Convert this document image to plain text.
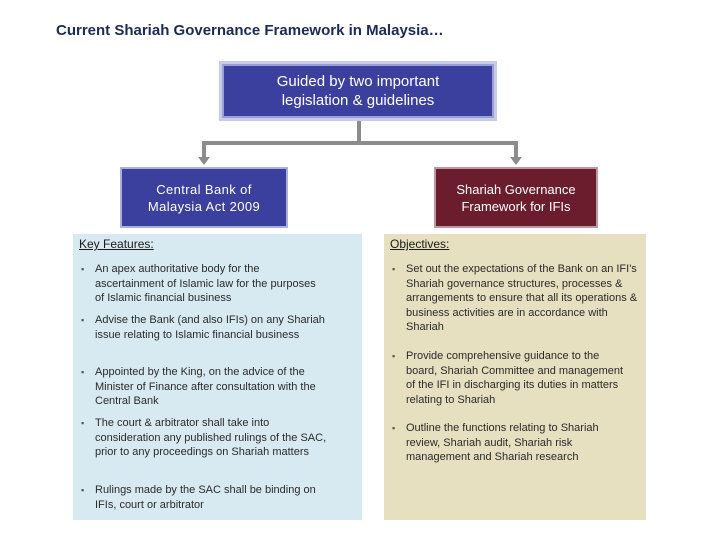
Current Shariah Governance Framework in Malaysia…
Guided by two important
legislation & guidelines
Central Bank of
Malaysia Act 2009
Shariah Governance
Framework for IFIs
Key Features:
▪ An apex authoritative body for the ascertainment of Islamic law for the purposes of Islamic financial business
▪ Advise the Bank (and also IFIs) on any Shariah issue relating to Islamic financial business
▪ Appointed by the King, on the advice of the Minister of Finance after consultation with the Central Bank
▪ The court & arbitrator shall take into consideration any published rulings of the SAC, prior to any proceedings on Shariah matters
▪ Rulings made by the SAC shall be binding on IFIs, court or arbitrator
Objectives:
▪ Set out the expectations of the Bank on an IFI's Shariah governance structures, processes & arrangements to ensure that all its operations & business activities are in accordance with Shariah
▪ Provide comprehensive guidance to the board, Shariah Committee and management of the IFI in discharging its duties in matters relating to Shariah
▪ Outline the functions relating to Shariah review, Shariah audit, Shariah risk management and Shariah research
